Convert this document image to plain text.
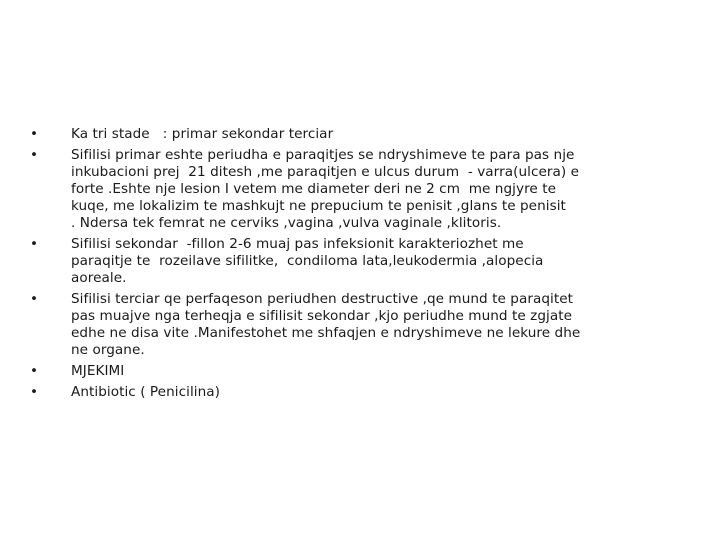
•	Ka tri stade   : primar sekondar terciar
•	Sifilisi primar eshte periudha e paraqitjes se ndryshimeve te para pas nje
inkubacioni prej  21 ditesh ,me paraqitjen e ulcus durum  - varra(ulcera) e
forte .Eshte nje lesion I vetem me diameter deri ne 2 cm  me ngjyre te
kuqe, me lokalizim te mashkujt ne prepucium te penisit ,glans te penisit
. Ndersa tek femrat ne cerviks ,vagina ,vulva vaginale ,klitoris.
•	Sifilisi sekondar  -fillon 2-6 muaj pas infeksionit karakteriozhet me
paraqitje te  rozeilave sifilitke,  condiloma lata,leukodermia ,alopecia
aoreale.
•	Sifilisi terciar qe perfaqeson periudhen destructive ,qe mund te paraqitet
pas muajve nga terheqja e sifilisit sekondar ,kjo periudhe mund te zgjate
edhe ne disa vite .Manifestohet me shfaqjen e ndryshimeve ne lekure dhe
ne organe.
•	MJEKIMI
•	Antibiotic ( Penicilina)
